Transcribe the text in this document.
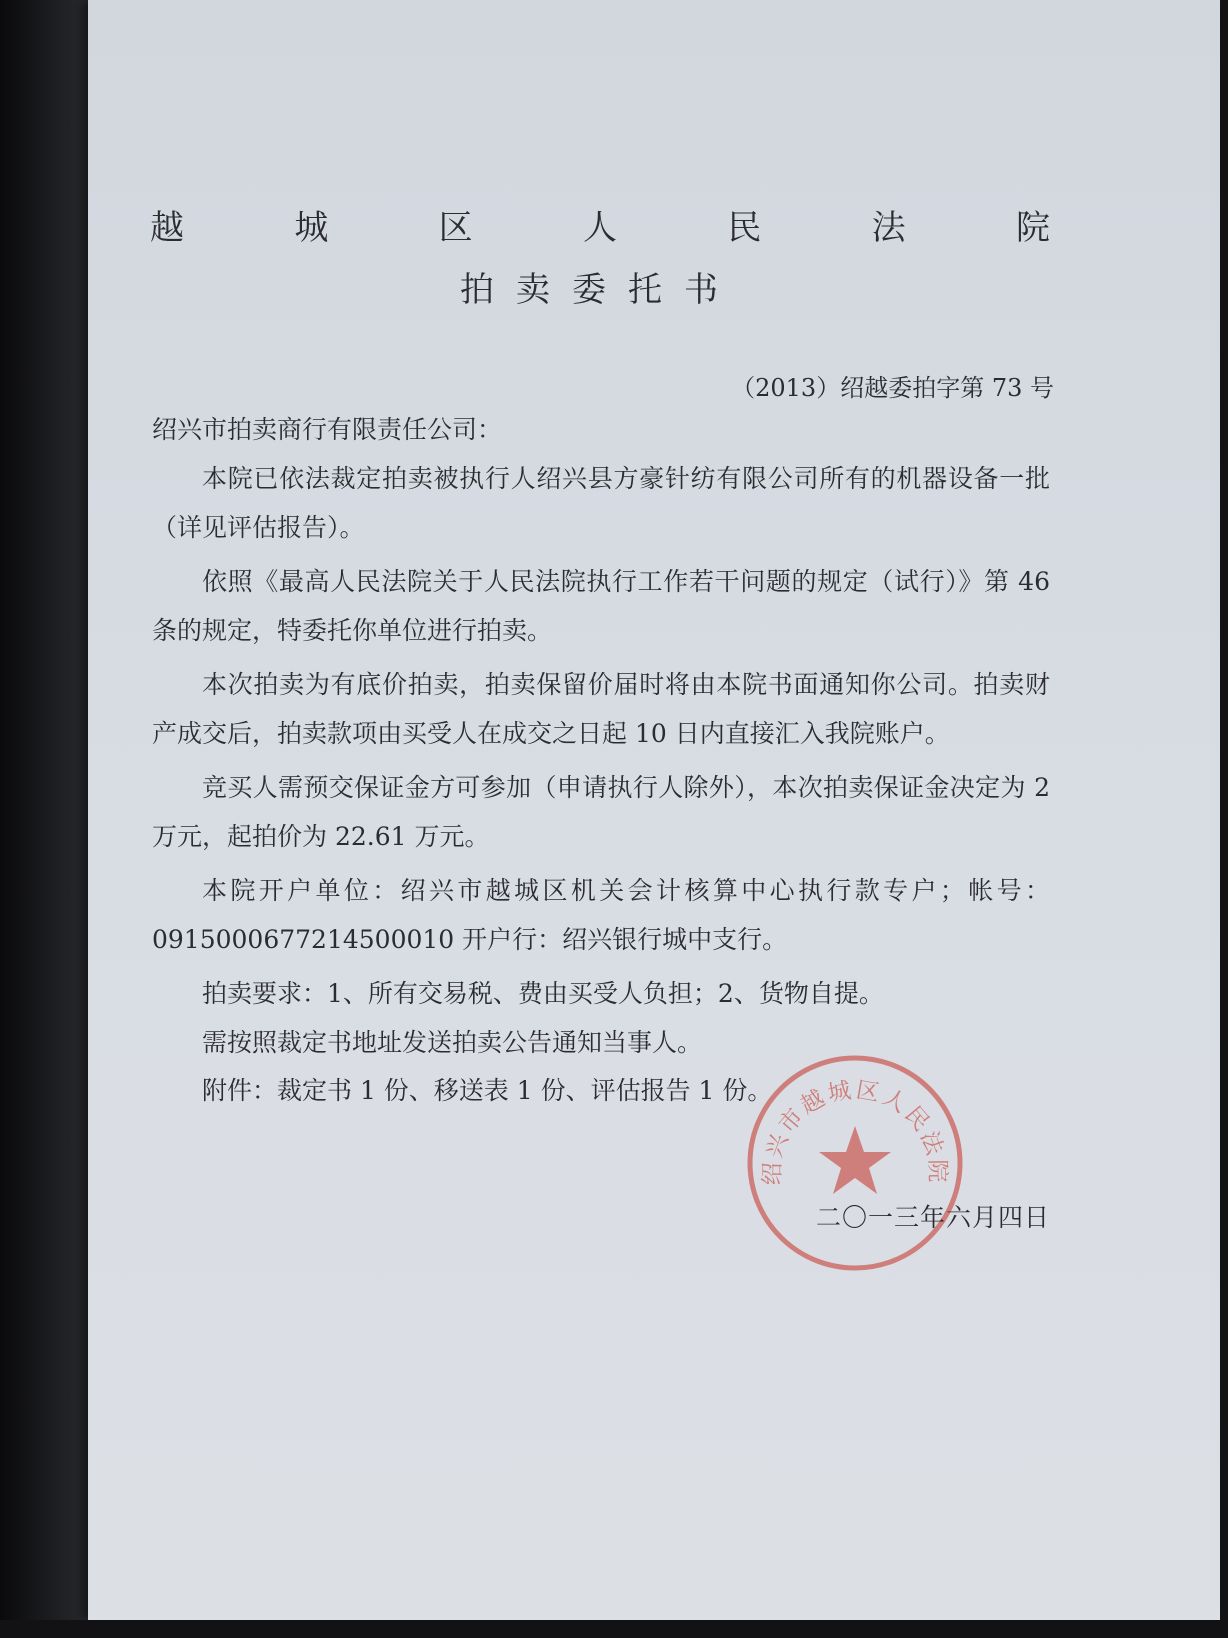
越	城	区	人	民	法	院
拍卖委托书
（2013）绍越委拍字第 73 号
绍兴市拍卖商行有限责任公司：

本院已依法裁定拍卖被执行人绍兴县方豪针纺有限公司所有的机器设备一批（详见评估报告）。

依照《最高人民法院关于人民法院执行工作若干问题的规定（试行）》第 46 条的规定，特委托你单位进行拍卖。

本次拍卖为有底价拍卖，拍卖保留价届时将由本院书面通知你公司。拍卖财产成交后，拍卖款项由买受人在成交之日起 10 日内直接汇入我院账户。

竞买人需预交保证金方可参加（申请执行人除外），本次拍卖保证金决定为 2 万元，起拍价为 22.61 万元。

本院开户单位：绍兴市越城区机关会计核算中心执行款专户；帐号： 0915000677214500010 开户行：绍兴银行城中支行。

拍卖要求：1、所有交易税、费由买受人负担；2、货物自提。

需按照裁定书地址发送拍卖公告通知当事人。

附件：裁定书 1 份、移送表 1 份、评估报告 1 份。

绍兴市越城区人民法院
二〇一三年六月四日
